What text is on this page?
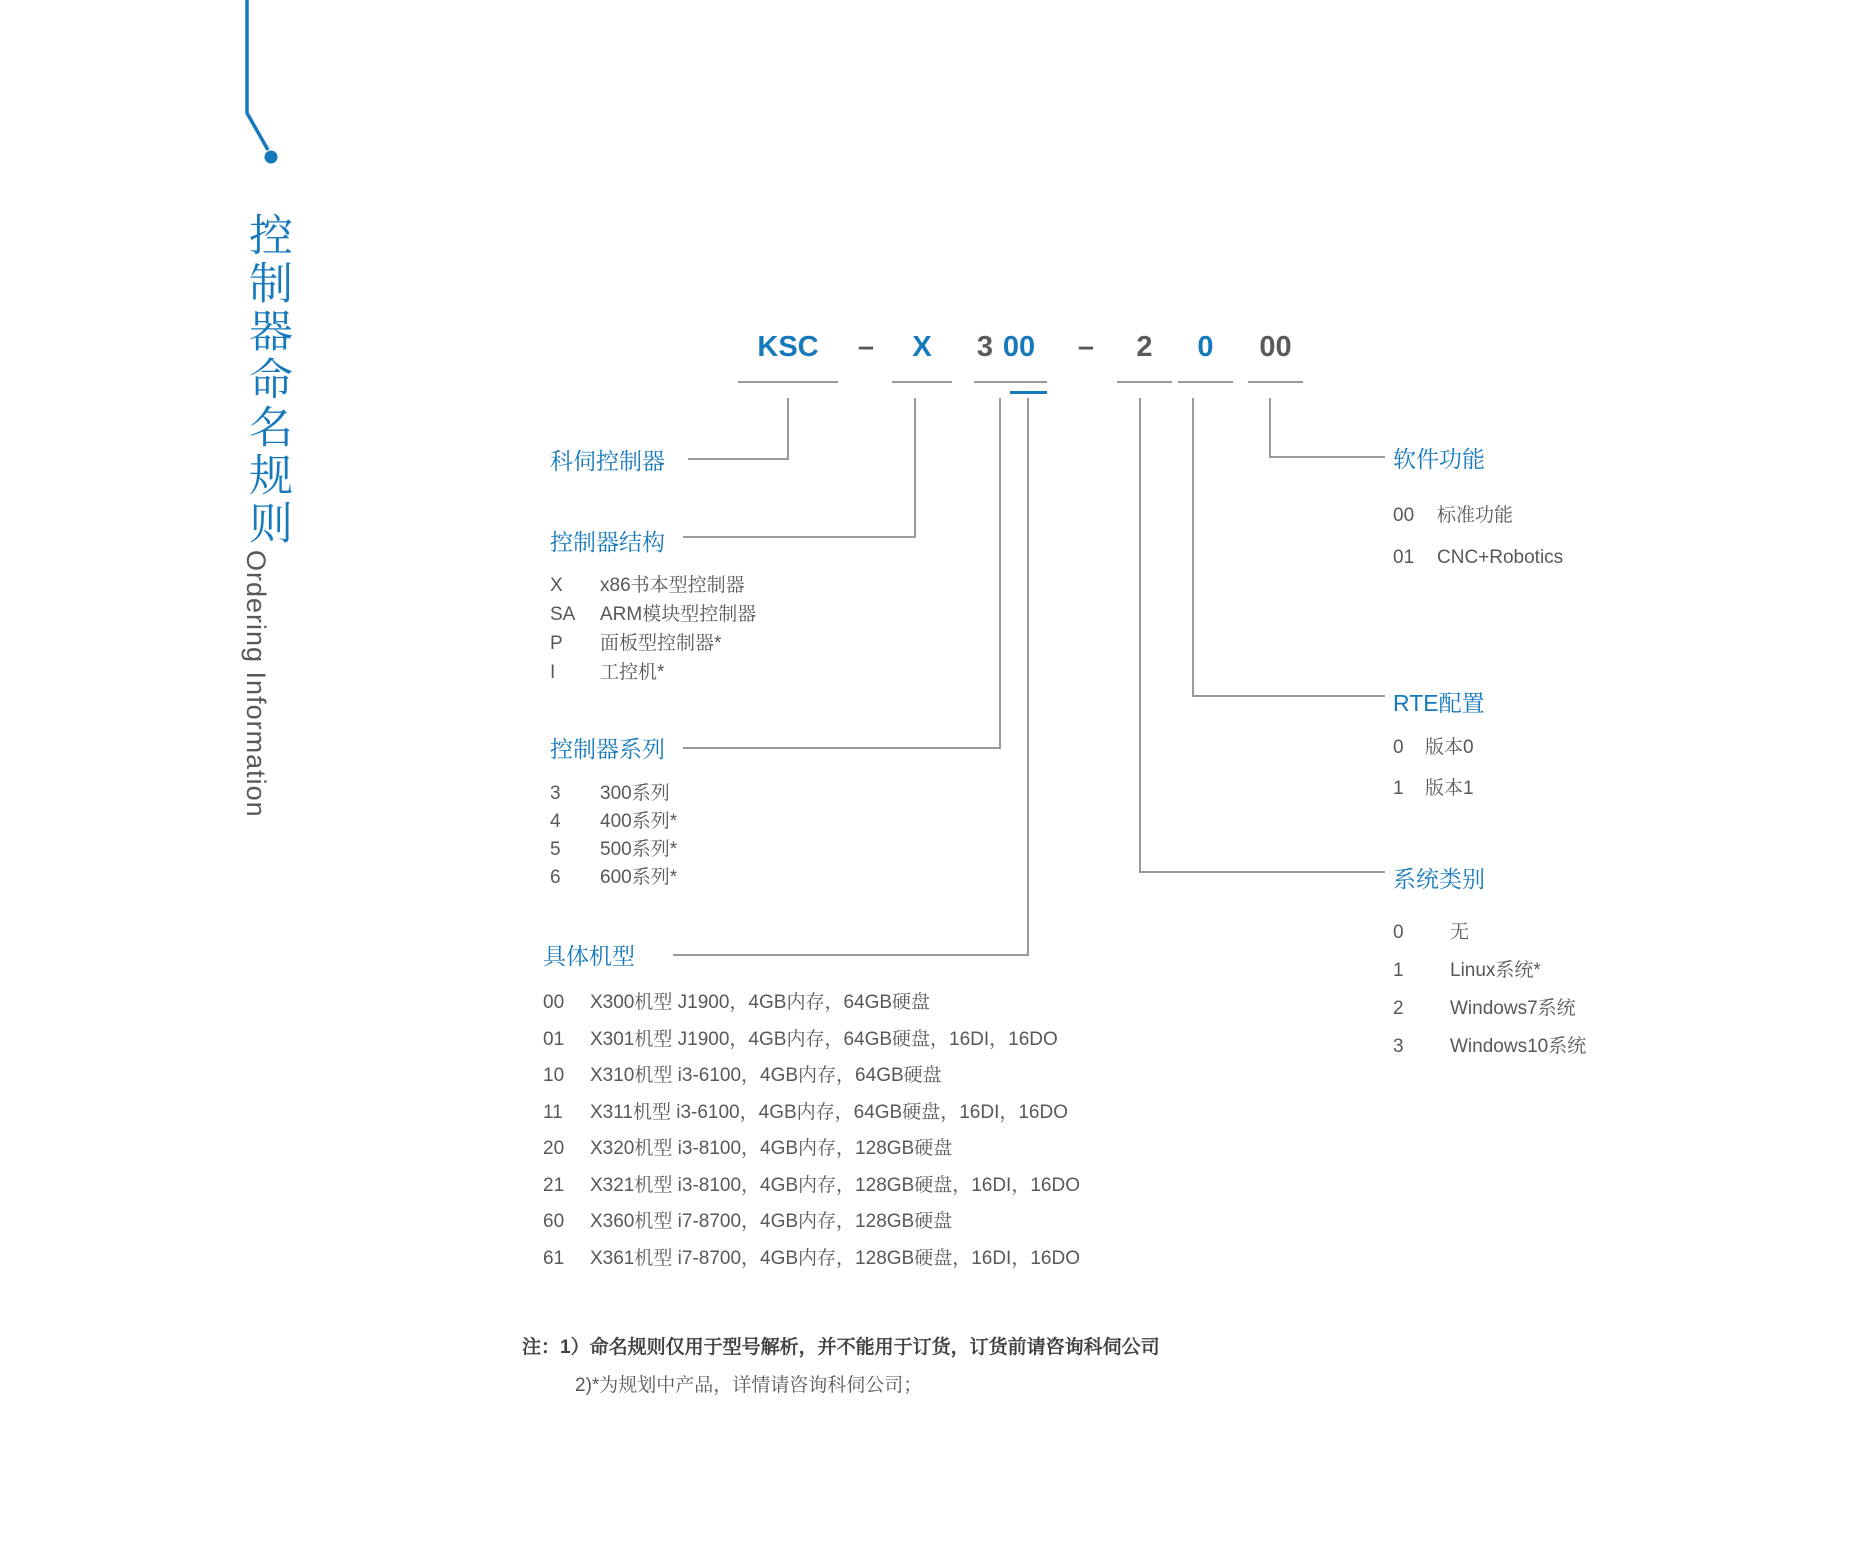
控制器命名规则
Ordering Information
KSC	–	X	3 00 –	2	0	00
科伺控制器
控制器结构
控制器系列
具体机型
软件功能
RTE配置
系统类别
X	x86书本型控制器
SA	ARM模块型控制器
P	面板型控制器*
I	工控机*
3	300系列
4	400系列*
5	500系列*
6	600系列*
00	X300机型 J1900，4GB内存，64GB硬盘
01	X301机型 J1900，4GB内存，64GB硬盘，16DI，16DO
10	X310机型 i3-6100，4GB内存，64GB硬盘
11	X311机型 i3-6100，4GB内存，64GB硬盘，16DI，16DO
20	X320机型 i3-8100，4GB内存，128GB硬盘
21	X321机型 i3-8100，4GB内存，128GB硬盘，16DI，16DO
60	X360机型 i7-8700，4GB内存，128GB硬盘
61	X361机型 i7-8700，4GB内存，128GB硬盘，16DI，16DO
00	标准功能
01	CNC+Robotics
0	版本0
1	版本1
0	无
1	Linux系统*
2	Windows7系统
3	Windows10系统
注：1）命名规则仅用于型号解析，并不能用于订货，订货前请咨询科伺公司
2)*为规划中产品，详情请咨询科伺公司；
